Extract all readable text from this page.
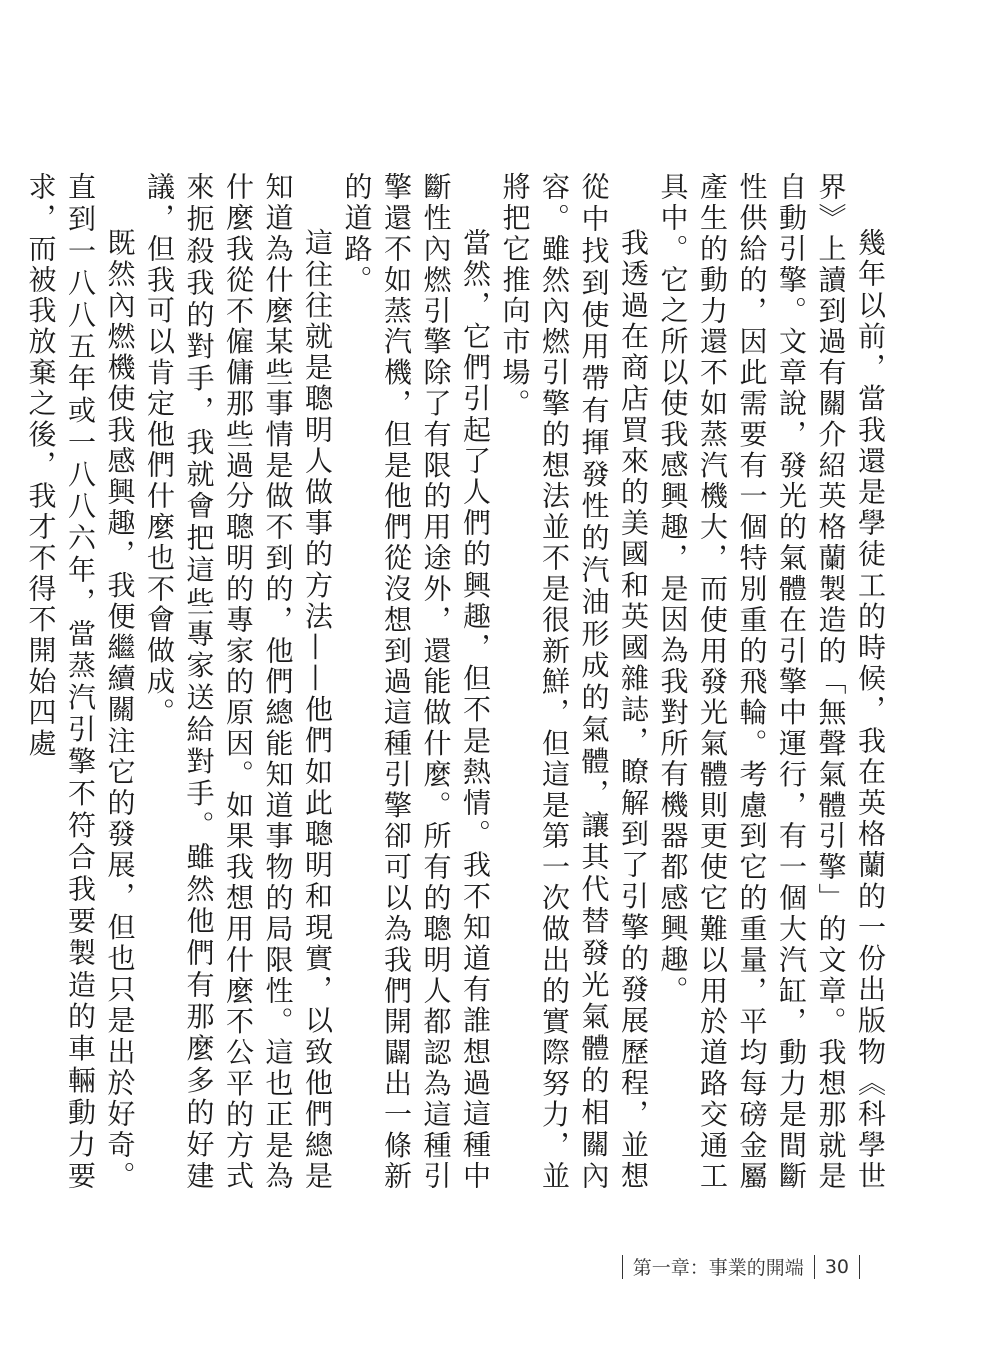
幾年以前，當我還是學徒工的時候，我在英格蘭的一份出版物《科學世界》上讀到過有關介紹英格蘭製造的「無聲氣體引擎」的文章。我想那就是自動引擎。文章說，發光的氣體在引擎中運行，有一個大汽缸，動力是間斷性供給的，因此需要有一個特別重的飛輪。考慮到它的重量，平均每磅金屬產生的動力還不如蒸汽機大，而使用發光氣體則更使它難以用於道路交通工具中。它之所以使我感興趣，是因為我對所有機器都感興趣。

我透過在商店買來的美國和英國雜誌，瞭解到了引擎的發展歷程，並想從中找到使用帶有揮發性的汽油形成的氣體，讓其代替發光氣體的相關內容。雖然內燃引擎的想法並不是很新鮮，但這是第一次做出的實際努力，並將把它推向市場。

當然，它們引起了人們的興趣，但不是熱情。我不知道有誰想過這種中斷性內燃引擎除了有限的用途外，還能做什麼。所有的聰明人都認為這種引擎還不如蒸汽機，但是他們從沒想到過這種引擎卻可以為我們開闢出一條新的道路。

這往往就是聰明人做事的方法——他們如此聰明和現實，以致他們總是知道為什麼某些事情是做不到的，他們總能知道事物的局限性。這也正是為什麼我從不僱傭那些過分聰明的專家的原因。如果我想用什麼不公平的方式來扼殺我的對手，我就會把這些專家送給對手。雖然他們有那麼多的好建議，但我可以肯定他們什麼也不會做成。

既然內燃機使我感興趣，我便繼續關注它的發展，但也只是出於好奇。直到一八八五年或一八八六年，當蒸汽引擎不符合我要製造的車輛動力要求，而被我放棄之後，我才不得不開始四處

第一章：事業的開端 30
